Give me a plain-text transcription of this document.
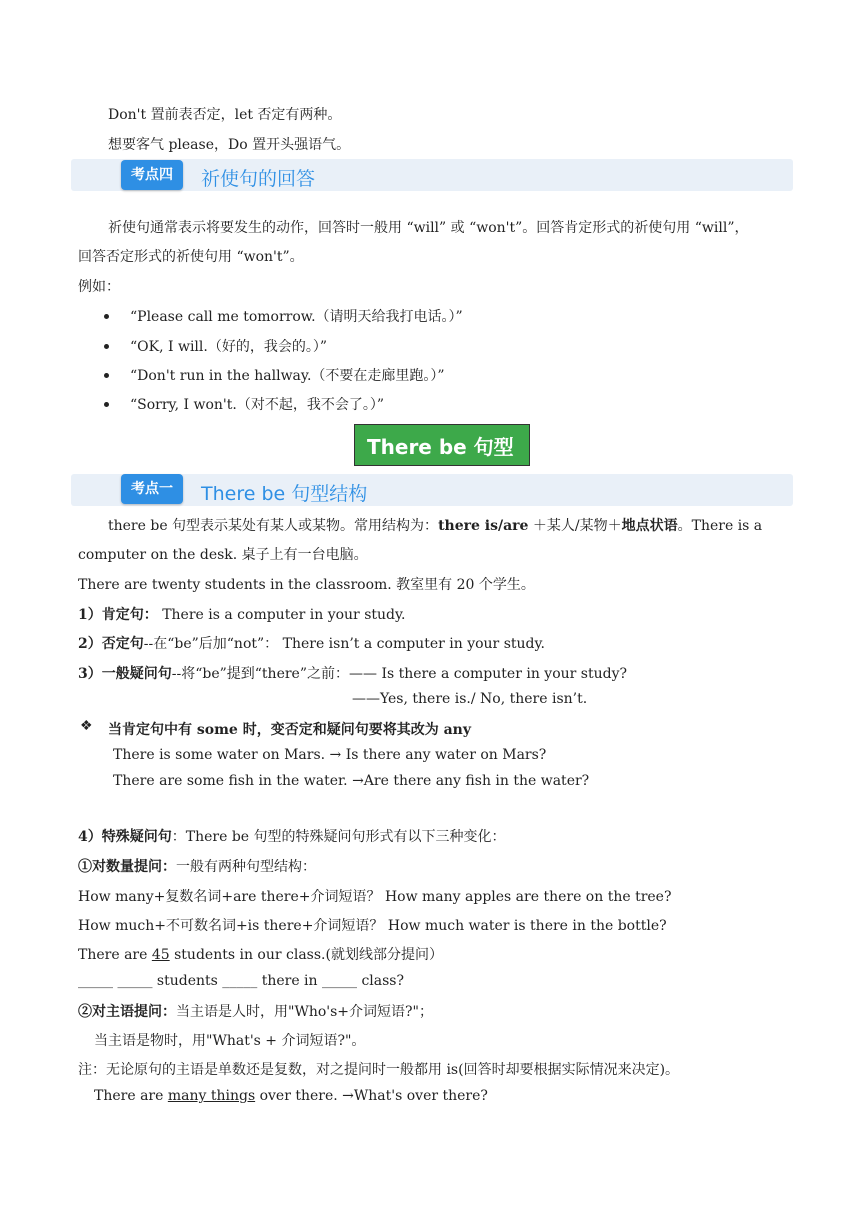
Don't 置前表否定，let 否定有两种。
想要客气 please，Do 置开头强语气。
考点四	祈使句的回答
祈使句通常表示将要发生的动作，回答时一般用 “will” 或 “won't”。回答肯定形式的祈使句用 “will”，
回答否定形式的祈使句用 “won't”。
例如：
“Please call me tomorrow.（请明天给我打电话。）”
“OK, I will.（好的，我会的。）”
“Don't run in the hallway.（不要在走廊里跑。）”
“Sorry, I won't.（对不起，我不会了。）”
There be 句型
考点一	There be 句型结构
there be 句型表示某处有某人或某物。常用结构为：there is/are ＋某人/某物＋地点状语。There is a
computer on the desk. 桌子上有一台电脑。
There are twenty students in the classroom. 教室里有 20 个学生。
1）肯定句： There is a computer in your study.
2）否定句--在“be”后加“not”： There isn’t a computer in your study.
3）一般疑问句--将“be”提到“there”之前：—— Is there a computer in your study?
——Yes, there is./ No, there isn’t.
❖ 当肯定句中有 some 时，变否定和疑问句要将其改为 any
There is some water on Mars. → Is there any water on Mars?
There are some fish in the water. →Are there any fish in the water?
4）特殊疑问句：There be 句型的特殊疑问句形式有以下三种变化：
①对数量提问：一般有两种句型结构：
How many+复数名词+are there+介词短语？ How many apples are there on the tree?
How much+不可数名词+is there+介词短语？ How much water is there in the bottle?
There are 45 students in our class.(就划线部分提问）
_____ _____ students _____ there in _____ class?
②对主语提问：当主语是人时，用"Who's+介词短语?"；
当主语是物时，用"What's + 介词短语?"。
注：无论原句的主语是单数还是复数，对之提问时一般都用 is(回答时却要根据实际情况来决定)。
There are many things over there. →What's over there?
